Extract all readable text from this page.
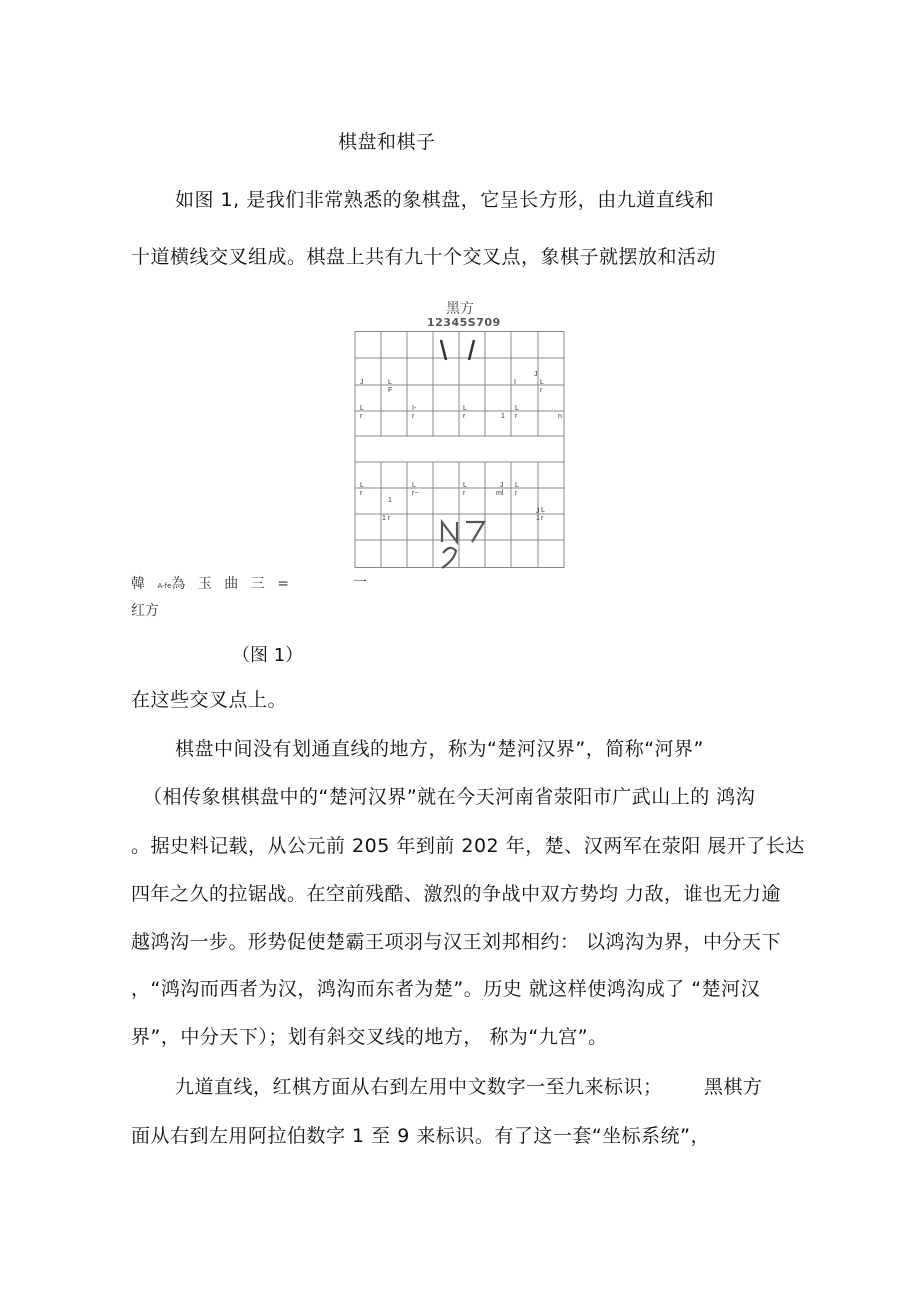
棋盘和棋子
如图 1, 是我们非常熟悉的象棋盘，它呈长方形，由九道直线和
十道横线交叉组成。棋盘上共有九十个交叉点，象棋子就摆放和活动
黑方
12345S709
J	L
F
I
J
L
r
L
r
I-
r
L
r	1
L
r	n
L
r
1
L
r~
L
r
J
ml
L
r
1 r
J L
1 r
韓 A-fe為 玉 曲 三 =	一
红方
（图 1）
在这些交叉点上。
棋盘中间没有划通直线的地方，称为“楚河汉界”，简称“河界”
（相传象棋棋盘中的“楚河汉界”就在今天河南省荥阳市广武山上的 鸿沟
。据史料记载，从公元前 205 年到前 202 年，楚、汉两军在荥阳 展开了长达
四年之久的拉锯战。在空前残酷、激烈的争战中双方势均 力敌，谁也无力逾
越鸿沟一步。形势促使楚霸王项羽与汉王刘邦相约： 以鸿沟为界，中分天下
，“鸿沟而西者为汉，鸿沟而东者为楚”。历史 就这样使鸿沟成了 “楚河汉
界”，中分天下）；划有斜交叉线的地方， 称为“九宫”。
九道直线，红棋方面从右到左用中文数字一至九来标识； 黑棋方
面从右到左用阿拉伯数字 1 至 9 来标识。有了这一套“坐标系统”，
